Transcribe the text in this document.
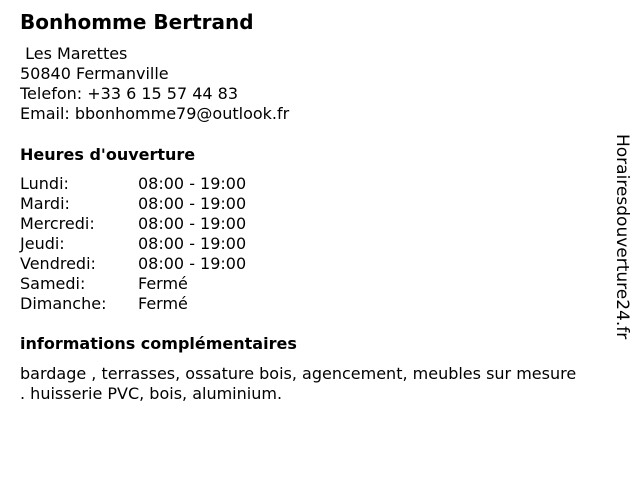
Bonhomme Bertrand
Les Marettes
50840 Fermanville
Telefon: +33 6 15 57 44 83
Email: bbonhomme79@outlook.fr
Heures d'ouverture
Lundi:	08:00 - 19:00
Mardi:	08:00 - 19:00
Mercredi:	08:00 - 19:00
Jeudi:	08:00 - 19:00
Vendredi:	08:00 - 19:00
Samedi:	Fermé
Dimanche:	Fermé
informations complémentaires
bardage , terrasses, ossature bois, agencement, meubles sur mesure
. huisserie PVC, bois, aluminium.
Horairesdouverture24.fr
